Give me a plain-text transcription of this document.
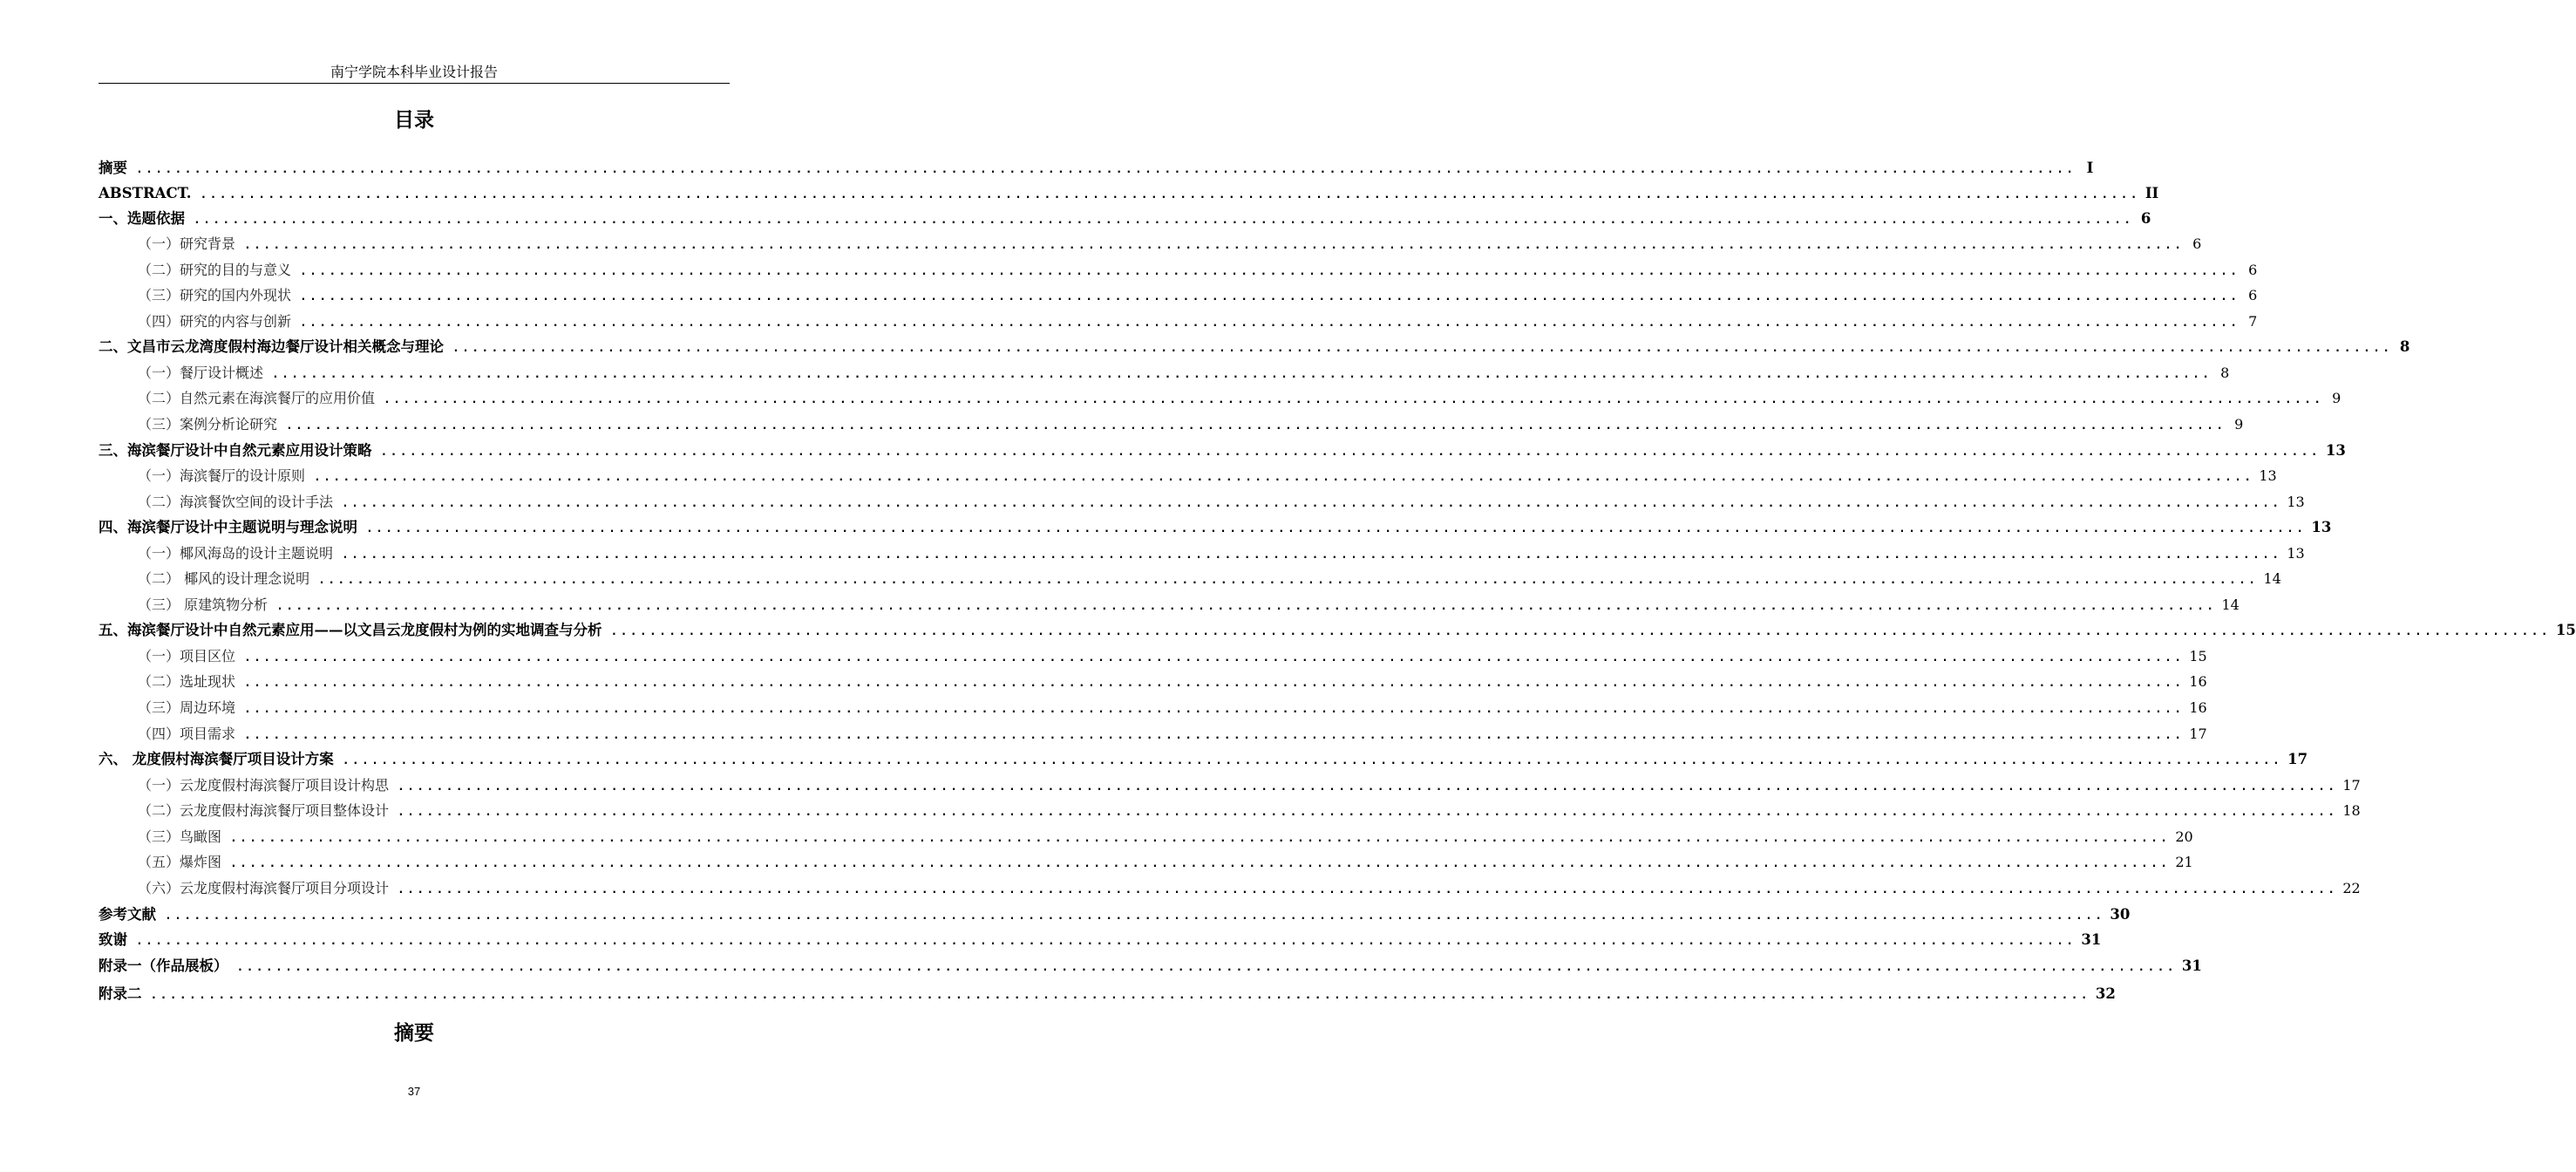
南宁学院本科毕业设计报告
目录
摘要 ........................................................................................................................................................................................................ I
ABSTRACT. ........................................................................................................................................................................................................ II
一、选题依据 ........................................................................................................................................................................................................ 6
（一）研究背景 ........................................................................................................................................................................................................ 6
（二）研究的目的与意义 ........................................................................................................................................................................................................ 6
（三）研究的国内外现状 ........................................................................................................................................................................................................ 6
（四）研究的内容与创新 ........................................................................................................................................................................................................ 7
二、文昌市云龙湾度假村海边餐厅设计相关概念与理论 ........................................................................................................................................................................................................ 8
（一）餐厅设计概述 ........................................................................................................................................................................................................ 8
（二）自然元素在海滨餐厅的应用价值 ........................................................................................................................................................................................................ 9
（三）案例分析论研究 ........................................................................................................................................................................................................ 9
三、海滨餐厅设计中自然元素应用设计策略 ........................................................................................................................................................................................................ 13
（一）海滨餐厅的设计原则 ........................................................................................................................................................................................................ 13
（二）海滨餐饮空间的设计手法 ........................................................................................................................................................................................................ 13
四、海滨餐厅设计中主题说明与理念说明 ........................................................................................................................................................................................................ 13
（一）椰风海岛的设计主题说明 ........................................................................................................................................................................................................ 13
（二） 椰风的设计理念说明 ........................................................................................................................................................................................................ 14
（三） 原建筑物分析 ........................................................................................................................................................................................................ 14
五、海滨餐厅设计中自然元素应用——以文昌云龙度假村为例的实地调查与分析 ........................................................................................................................................................................................................ 15
（一）项目区位 ........................................................................................................................................................................................................ 15
（二）选址现状 ........................................................................................................................................................................................................ 16
（三）周边环境 ........................................................................................................................................................................................................ 16
（四）项目需求 ........................................................................................................................................................................................................ 17
六、 龙度假村海滨餐厅项目设计方案 ........................................................................................................................................................................................................ 17
（一）云龙度假村海滨餐厅项目设计构思 ........................................................................................................................................................................................................ 17
（二）云龙度假村海滨餐厅项目整体设计 ........................................................................................................................................................................................................ 18
（三）鸟瞰图 ........................................................................................................................................................................................................ 20
（五）爆炸图 ........................................................................................................................................................................................................ 21
（六）云龙度假村海滨餐厅项目分项设计 ........................................................................................................................................................................................................ 22
参考文献 ........................................................................................................................................................................................................ 30
致谢 ........................................................................................................................................................................................................ 31
附录一（作品展板） ........................................................................................................................................................................................................ 31
附录二 ........................................................................................................................................................................................................ 32
摘要
37
